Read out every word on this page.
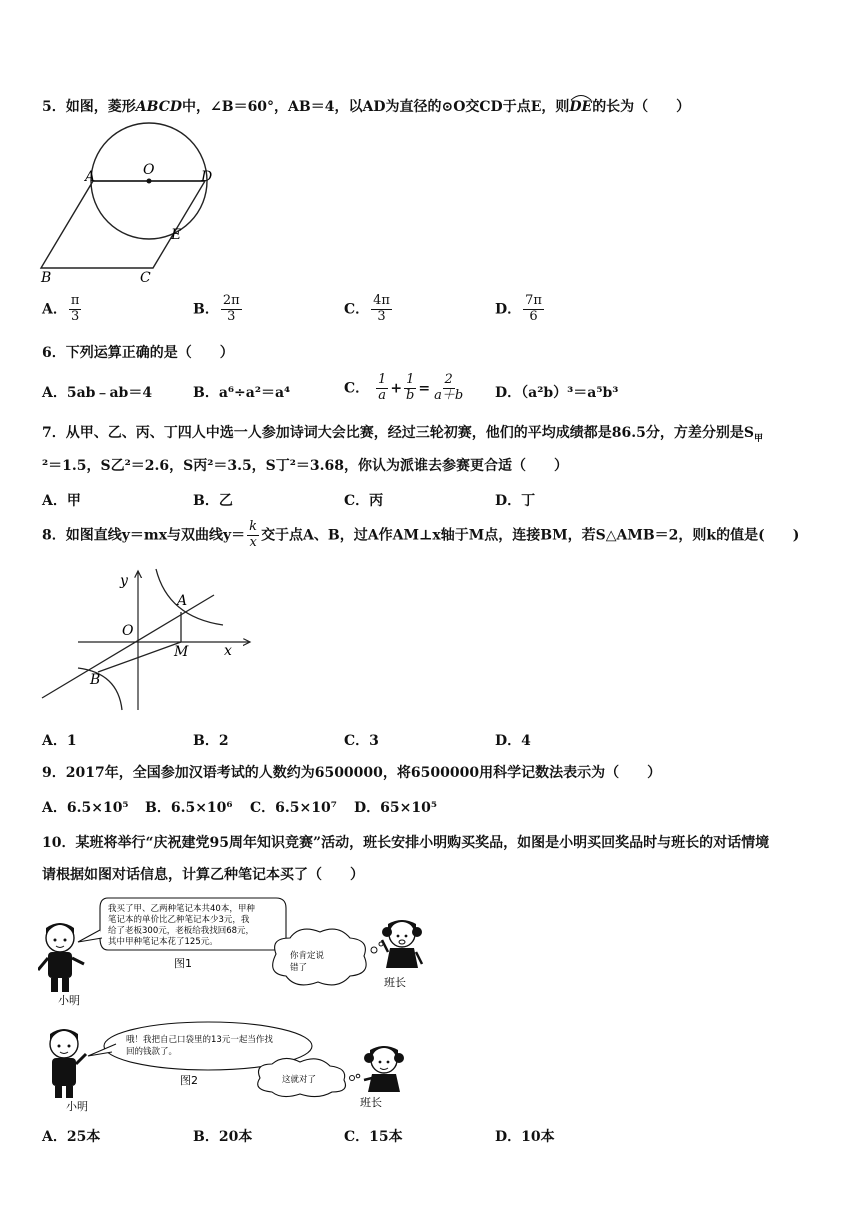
5．如图，菱形ABCD中，∠B＝60°，AB＝4，以AD为直径的⊙O交CD于点E，则
DE的长为（　　）
A	O	D
E
B	C
A． $\frac{\pi}{3}$	B． $\frac{2\pi}{3}$	C． $\frac{4\pi}{3}$	D． $\frac{7\pi}{6}$
6．下列运算正确的是（　　）
A．5ab﹣ab＝4	B．a⁶÷a²＝a⁴	C． $\frac{1}{a} + \frac{1}{b} = \frac{2}{a+b}$ D．（a²b）³＝a⁵b³
7．从甲、乙、丙、丁四人中选一人参加诗词大会比赛，经过三轮初赛，他们的平均成绩都是86.5分，方差分别是$S_甲$
²＝1.5，S乙²＝2.6，S丙²＝3.5，S丁²＝3.68，你认为派谁去参赛更合适（　　）
A．甲	B．乙	C．丙	D．丁
8．如图直线y＝mx与双曲线$y= \frac{k}{x}$ 交于点A、B，过A作AM⊥x轴于M点，连接BM，若S△AMB＝2，则k的值是(　　)
y
x
O
A
M
B
A．1	B．2	C．3	D．4
9．2017年，全国参加汉语考试的人数约为6500000，将6500000用科学记数法表示为（　　）
A．6.5×10⁵ B．6.5×10⁶ C．6.5×10⁷ D．65×10⁵
10．某班将举行“庆祝建党95周年知识竞赛”活动，班长安排小明购买奖品，如图是小明买回奖品时与班长的对话情境
请根据如图对话信息，计算乙种笔记本买了（　　）
小明
我买了甲、乙两种笔记本共40本，甲种
笔记本的单价比乙种笔记本少3元，我
给了老板300元，老板给我找回68元，
其中甲种笔记本花了125元。
图1
你肯定说
错了
班长
小明
哦！我把自己口袋里的13元一起当作找
回的钱款了。
图2	这就对了
班长
A．25本	B．20本	C．15本	D．10本
